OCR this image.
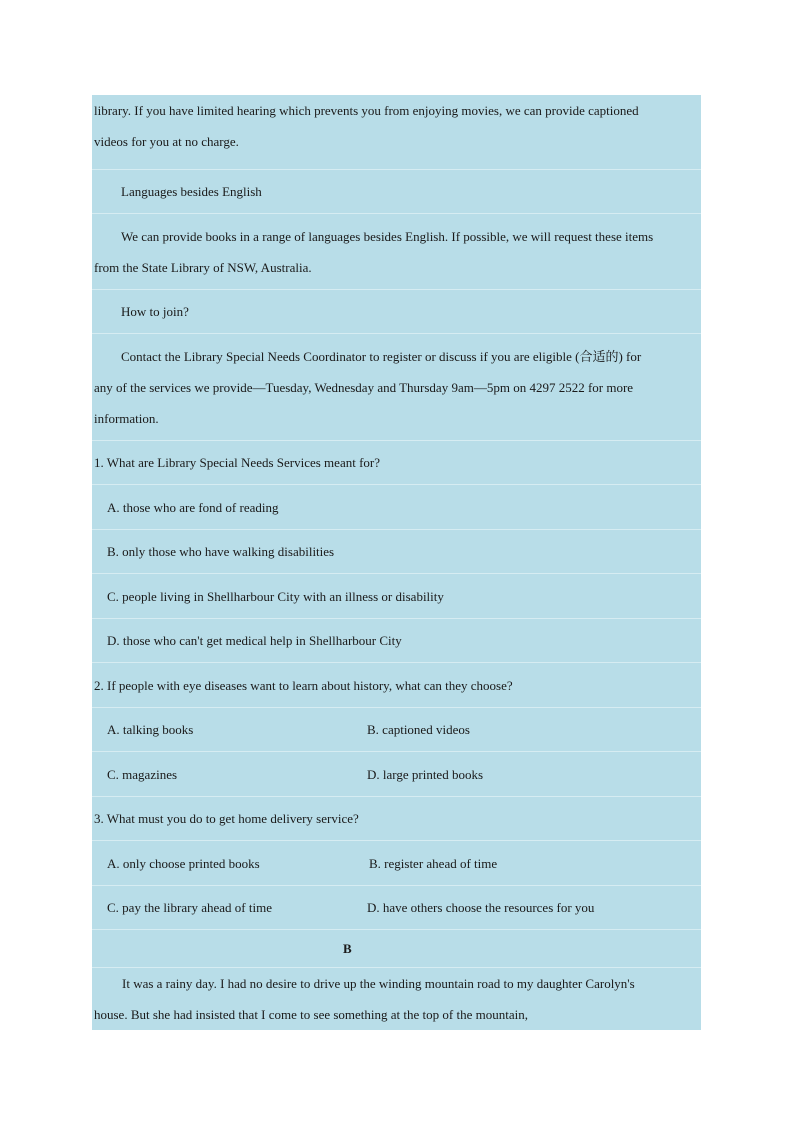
library. If you have limited hearing which prevents you from enjoying movies, we can provide captioned
videos for you at no charge.
Languages besides English
We can provide books in a range of languages besides English. If possible, we will request these items
from the State Library of NSW, Australia.
How to join?
Contact the Library Special Needs Coordinator to register or discuss if you are eligible (合适的) for
any of the services we provide—Tuesday, Wednesday and Thursday 9am—5pm on 4297 2522 for more
information.
1. What are Library Special Needs Services meant for?
A. those who are fond of reading
B. only those who have walking disabilities
C. people living in Shellharbour City with an illness or disability
D. those who can't get medical help in Shellharbour City
2. If people with eye diseases want to learn about history, what can they choose?
A. talking books	B. captioned videos
C. magazines	D. large printed books
3. What must you do to get home delivery service?
A. only choose printed books	B. register ahead of time
C. pay the library ahead of time	D. have others choose the resources for you
B
It was a rainy day. I had no desire to drive up the winding mountain road to my daughter Carolyn's
house. But she had insisted that I come to see something at the top of the mountain,
